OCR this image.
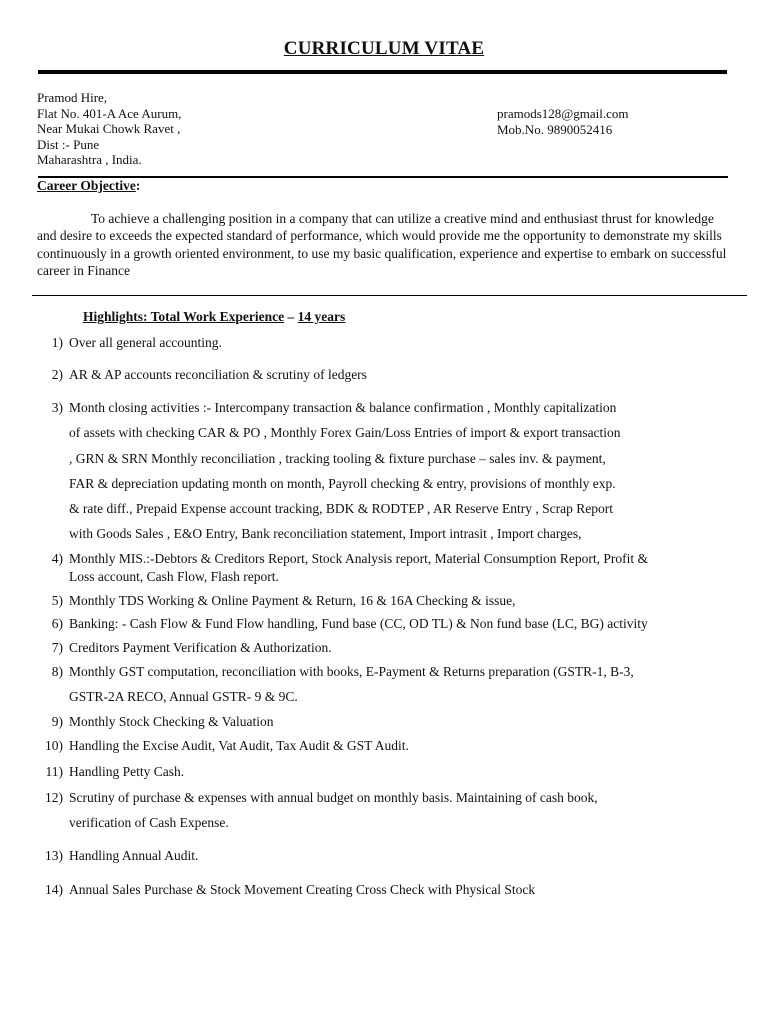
CURRICULUM VITAE
Pramod Hire,
Flat No. 401-A Ace Aurum,
Near Mukai Chowk Ravet ,
Dist :- Pune
Maharashtra , India.
pramods128@gmail.com
Mob.No. 9890052416
Career Objective:
To achieve a challenging position in a company that can utilize a creative mind and enthusiast thrust for knowledge and desire to exceeds the expected standard of performance, which would provide me the opportunity to demonstrate my skills continuously in a growth oriented environment, to use my basic qualification, experience and expertise to embark on successful career in Finance
Highlights: Total Work Experience – 14 years
1) Over all general accounting.
2) AR & AP accounts reconciliation & scrutiny of ledgers
3) Month closing activities :- Intercompany transaction & balance confirmation , Monthly capitalization
of assets with checking CAR & PO , Monthly Forex Gain/Loss Entries of import & export transaction
, GRN & SRN Monthly reconciliation , tracking tooling & fixture purchase – sales inv. & payment,
FAR & depreciation updating month on month, Payroll checking & entry, provisions of monthly exp.
& rate diff., Prepaid Expense account tracking, BDK & RODTEP , AR Reserve Entry , Scrap Report
with Goods Sales , E&O Entry, Bank reconciliation statement, Import intrasit , Import charges,
4) Monthly MIS.:-Debtors & Creditors Report, Stock Analysis report, Material Consumption Report, Profit &
Loss account, Cash Flow, Flash report.
5) Monthly TDS Working & Online Payment & Return, 16 & 16A Checking & issue,
6) Banking: - Cash Flow & Fund Flow handling, Fund base (CC, OD TL) & Non fund base (LC, BG) activity
7) Creditors Payment Verification & Authorization.
8) Monthly GST computation, reconciliation with books, E-Payment & Returns preparation (GSTR-1, B-3,
GSTR-2A RECO, Annual GSTR- 9 & 9C.
9) Monthly Stock Checking & Valuation
10) Handling the Excise Audit, Vat Audit, Tax Audit & GST Audit.
11) Handling Petty Cash.
12) Scrutiny of purchase & expenses with annual budget on monthly basis. Maintaining of cash book,
verification of Cash Expense.
13) Handling Annual Audit.
14) Annual Sales Purchase & Stock Movement Creating Cross Check with Physical Stock
